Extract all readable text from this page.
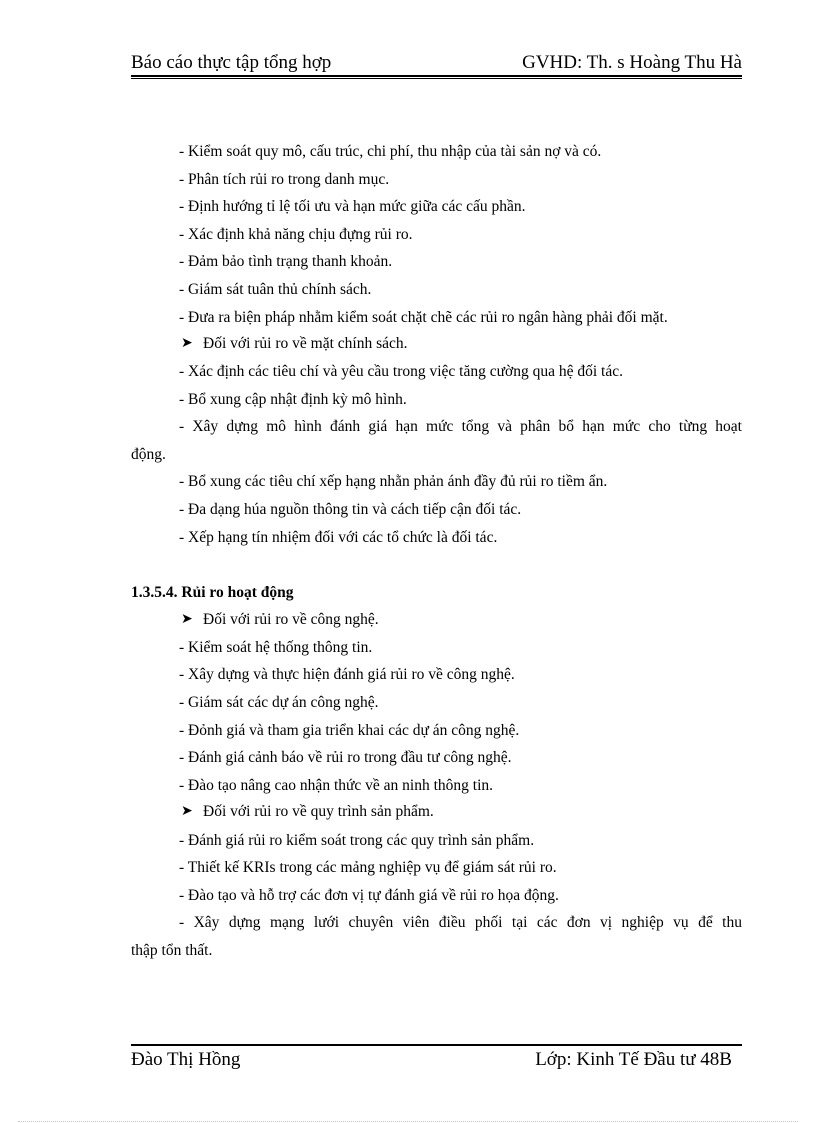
Báo cáo thực tập tổng hợp	GVHD: Th. s Hoàng Thu Hà
- Kiểm soát quy mô, cấu trúc, chi phí, thu nhập của tài sản nợ và có.
- Phân tích rủi ro trong danh mục.
- Định hướng tỉ lệ tối ưu và hạn mức giữa các cấu phần.
- Xác định khả năng chịu đựng rủi ro.
- Đảm bảo tình trạng thanh khoản.
- Giám sát tuân thủ chính sách.
- Đưa ra biện pháp nhằm kiểm soát chặt chẽ các rủi ro ngân hàng phải đối mặt.
➤ Đối với rủi ro về mặt chính sách.
- Xác định các tiêu chí và yêu cầu trong việc tăng cường qua hệ đối tác.
- Bổ xung cập nhật định kỳ mô hình.
- Xây dựng mô hình đánh giá hạn mức tổng và phân bổ hạn mức cho từng hoạt
động.
- Bổ xung các tiêu chí xếp hạng nhằn phản ánh đầy đủ rủi ro tiềm ẩn.
- Đa dạng húa nguồn thông tin và cách tiếp cận đối tác.
- Xếp hạng tín nhiệm đối với các tổ chức là đối tác.
1.3.5.4. Rủi ro hoạt động
➤ Đối với rủi ro về công nghệ.
- Kiểm soát hệ thống thông tin.
- Xây dựng và thực hiện đánh giá rủi ro về công nghệ.
- Giám sát các dự án công nghệ.
- Đỏnh giá và tham gia triển khai các dự án công nghệ.
- Đánh giá cảnh báo về rủi ro trong đầu tư công nghệ.
- Đào tạo nâng cao nhận thức về an ninh thông tin.
➤ Đối với rủi ro về quy trình sản phẩm.
- Đánh giá rủi ro kiểm soát trong các quy trình sản phẩm.
- Thiết kế KRIs trong các mảng nghiệp vụ để giám sát rủi ro.
- Đào tạo và hỗ trợ các đơn vị tự đánh giá về rủi ro họa động.
- Xây dựng mạng lưới chuyên viên điều phối tại các đơn vị nghiệp vụ để thu
thập tổn thất.
Đào Thị Hồng	Lớp: Kinh Tế Đầu tư 48B
